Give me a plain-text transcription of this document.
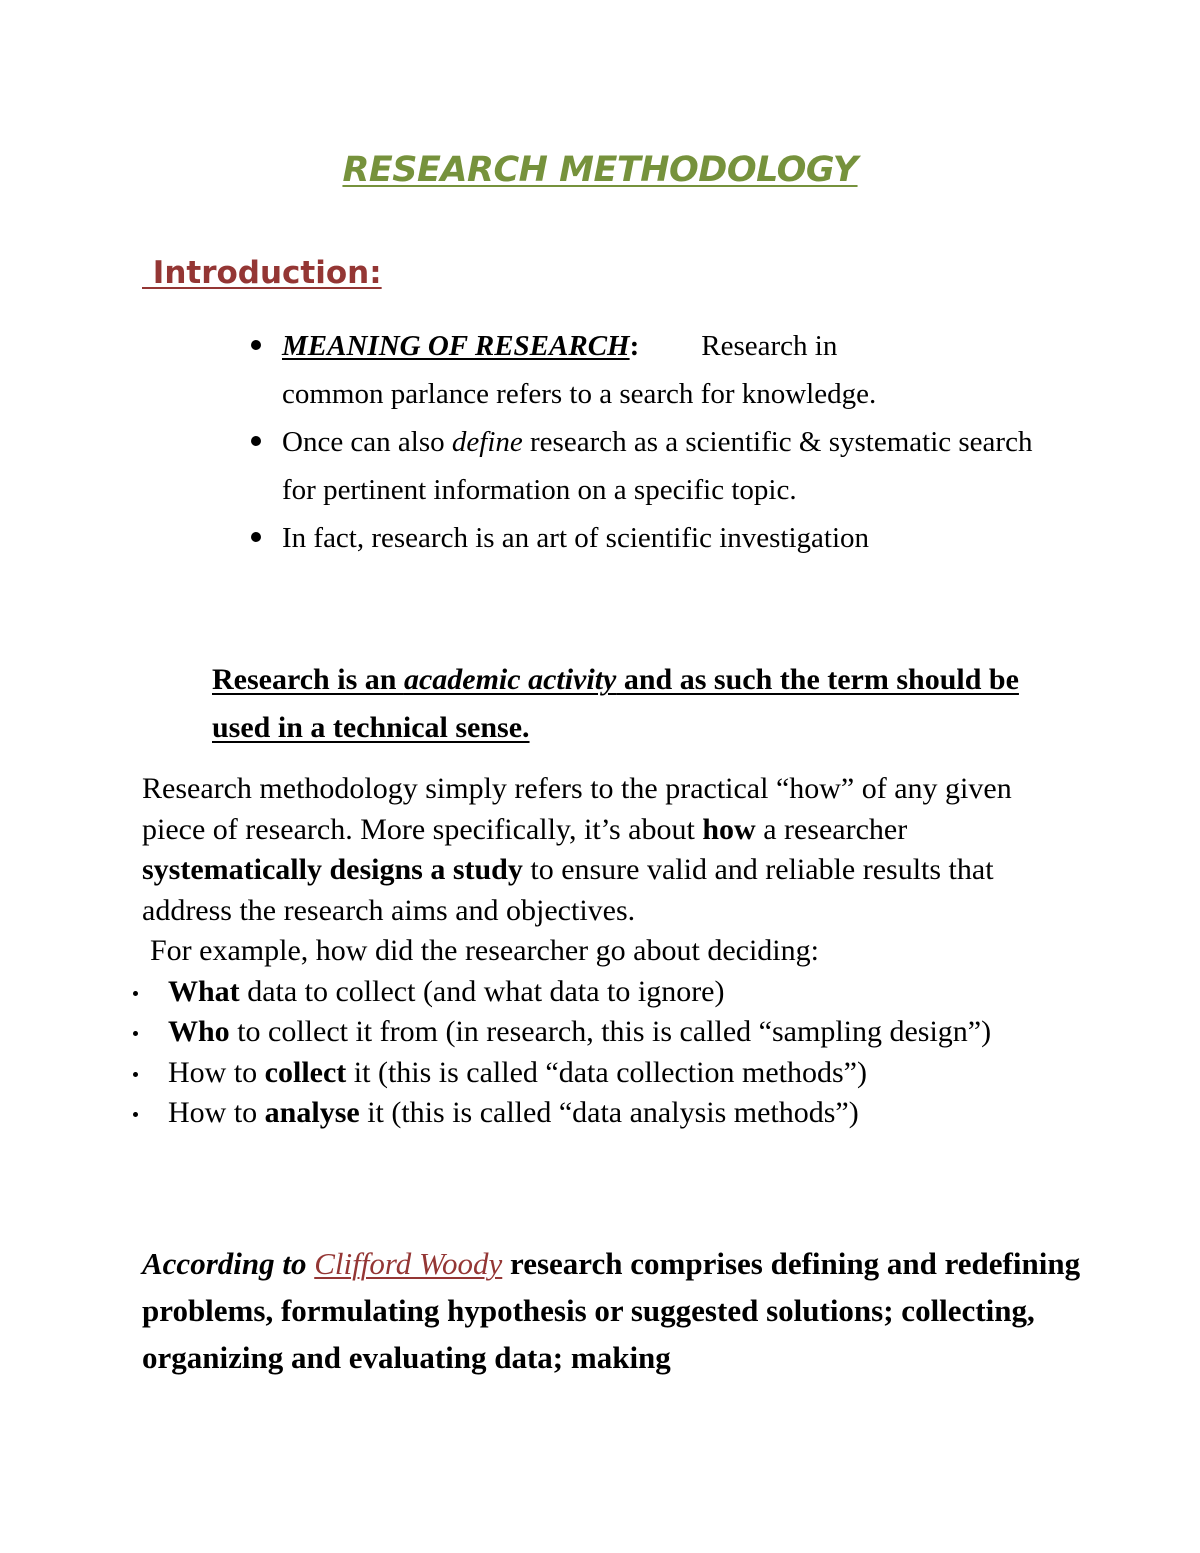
RESEARCH METHODOLOGY
Introduction:
MEANING OF RESEARCH: Research in
common parlance refers to a search for knowledge.
Once can also define research as a scientific & systematic search for pertinent information on a specific topic.
In fact, research is an art of scientific investigation
Research is an academic activity and as such the term should be used in a technical sense.

Research methodology simply refers to the practical “how” of any given piece of research. More specifically, it’s about how a researcher systematically designs a study to ensure valid and reliable results that address the research aims and objectives.

For example, how did the researcher go about deciding:

What data to collect (and what data to ignore)
Who to collect it from (in research, this is called “sampling design”)
How to collect it (this is called “data collection methods”)
How to analyse it (this is called “data analysis methods”)
According to Clifford Woody research comprises defining and redefining problems, formulating hypothesis or suggested solutions; collecting, organizing and evaluating data; making
